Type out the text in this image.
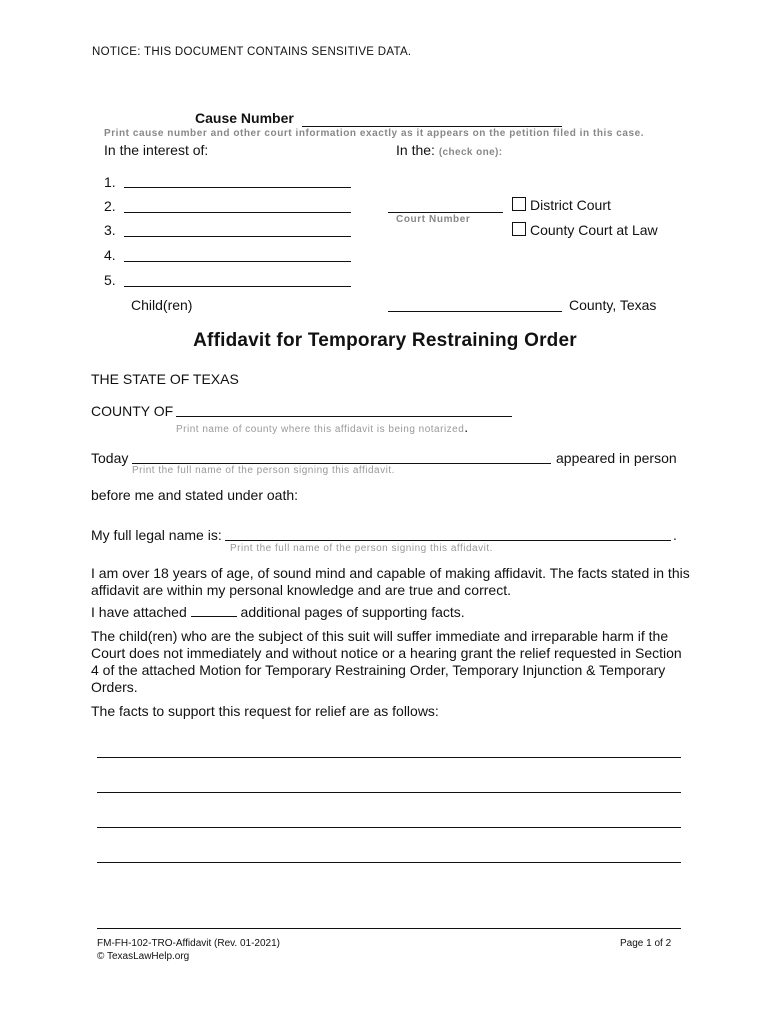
NOTICE: THIS DOCUMENT CONTAINS SENSITIVE DATA.
Cause Number
Print cause number and other court information exactly as it appears on the petition filed in this case.
In the interest of:
1.
2.
3.
4.
5.
Child(ren)
In the: (check one):
Court Number
District Court
County Court at Law
County, Texas
Affidavit for Temporary Restraining Order
THE STATE OF TEXAS
COUNTY OF
Print name of county where this affidavit is being notarized.
Today	appeared in person
Print the full name of the person signing this affidavit.
before me and stated under oath:
My full legal name is:	.
Print the full name of the person signing this affidavit.
I am over 18 years of age, of sound mind and capable of making affidavit. The facts stated in this affidavit are within my personal knowledge and are true and correct.
I have attached	additional pages of supporting facts.
The child(ren) who are the subject of this suit will suffer immediate and irreparable harm if the Court does not immediately and without notice or a hearing grant the relief requested in Section 4 of the attached Motion for Temporary Restraining Order, Temporary Injunction & Temporary Orders.
The facts to support this request for relief are as follows:
FM-FH-102-TRO-Affidavit (Rev. 01-2021)
© TexasLawHelp.org
Page 1 of 2
